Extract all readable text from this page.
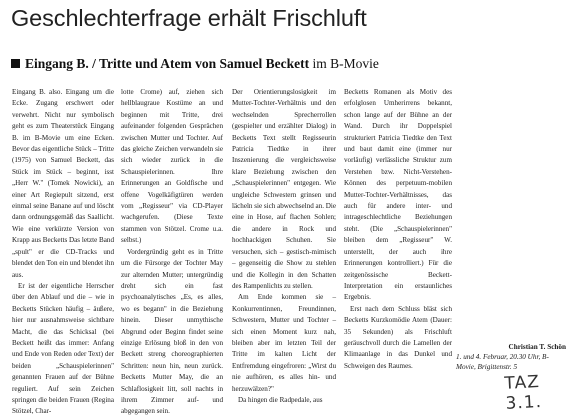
Geschlechterfrage erhält Frischluft
Eingang B. / Tritte und Atem von Samuel Beckett im B-Movie

Eingang B. also. Eingang um die Ecke. Zugang erschwert oder verwehrt. Nicht nur symbolisch geht es zum Theaterstück Eingang B. im B-Movie um eine Ecken. Bevor das eigentliche Stück – Tritte (1975) von Samuel Beckett, das Stück im Stück – beginnt, isst „Herr W." (Tomek Nowicki), an einer Art Regiepult sitzend, erst einmal seine Banane auf und löscht dann ordnungsgemäß das Saallicht. Wie eine verkürzte Version von Krapp aus Becketts Das letzte Band „spult" er die CD-Tracks und blendet den Ton ein und blendet ihn aus.

Er ist der eigentliche Herrscher über den Ablauf und die – wie in Becketts Stücken häufig – äußere, hier nur ausnahmsweise sichtbare Macht, die das Schicksal (bei Beckett heißt das immer: Anfang und Ende von Reden oder Text) der beiden „Schauspielerinnen" genannten Frauen auf der Bühne reguliert. Auf sein Zeichen springen die beiden Frauen (Regina Stötzel, Char-

lotte Crome) auf, ziehen sich hellblaugraue Kostüme an und beginnen mit Tritte, drei aufeinander folgenden Gesprächen zwischen Mutter und Tochter. Auf das gleiche Zeichen verwandeln sie sich wieder zurück in die Schauspielerinnen. Ihre Erinnerungen an Goldfische und offene Vogelkäfigtüren werden vom „Regisseur" via CD-Player wachgerufen. (Diese Texte stammen von Stötzel. Crome u.a. selbst.)

Vordergründig geht es in Tritte um die Fürsorge der Tochter May zur alternden Mutter; untergründig dreht sich ein fast psychoanalytisches „Es, es alles, wo es begann" in die Beziehung hinein. Dieser unmythische Abgrund oder Beginn findet seine einzige Erlösung bloß in den von Beckett streng choreographierten Schritten: neun hin, neun zurück. Becketts Mutter May, die an Schlaflosigkeit litt, soll nachts in ihrem Zimmer auf- und abgegangen sein.

Der Orientierungslosigkeit im Mutter-Tochter-Verhältnis und den wechselnden Sprecherrollen (gespielter und erzählter Dialog) in Becketts Text stellt Regisseurin Patricia Tiedtke in ihrer Inszenierung die vergleichsweise klare Beziehung zwischen den „Schauspielerinnen" entgegen. Wie ungleiche Schwestern grinsen und lächeln sie sich abwechselnd an. Die eine in Hose, auf flachen Sohlen; die andere in Rock und hochhackigen Schuhen. Sie versuchen, sich – gestisch-mimisch – gegenseitig die Show zu stehlen und die Kollegin in den Schatten des Rampenlichts zu stellen.

Am Ende kommen sie – Konkurrentinnen, Freundinnen, Schwestern, Mutter und Tochter – sich einen Moment kurz nah, bleiben aber im letzten Teil der Tritte im kalten Licht der Entfremdung eingefroren: „Wirst du nie aufhören, es alles hin- und herzuwälzen?"

Da hingen die Radpedale, aus

Becketts Romanen als Motiv des erfolglosen Umherirrens bekannt, schon lange auf der Bühne an der Wand. Durch ihr Doppelspiel strukturiert Patricia Tiedtke den Text und baut damit eine (immer nur vorläufig) verlässliche Struktur zum Verstehen bzw. Nicht-Verstehen-Können des perpetuum-mobilen Mutter-Tochter-Verhältnisses, das auch für andere inter- und intrageschlechtliche Beziehungen steht. (Die „Schauspielerinnen" bleiben dem „Regisseur" W. unterstellt, der auch ihre Erinnerungen kontrolliert.) Für die zeitgenössische Beckett-Interpretation ein erstaunliches Ergebnis.

Erst nach dem Schluss bläst sich Becketts Kurzkomödie Atem (Dauer: 35 Sekunden) als Frischluft geräuschvoll durch die Lamellen der Klimaanlage in das Dunkel und Schweigen des Raumes.

Christian T. Schön
1. und 4. Februar, 20.30 Uhr, B-Movie, Brigittenstr. 5
TAZ 3.1.
